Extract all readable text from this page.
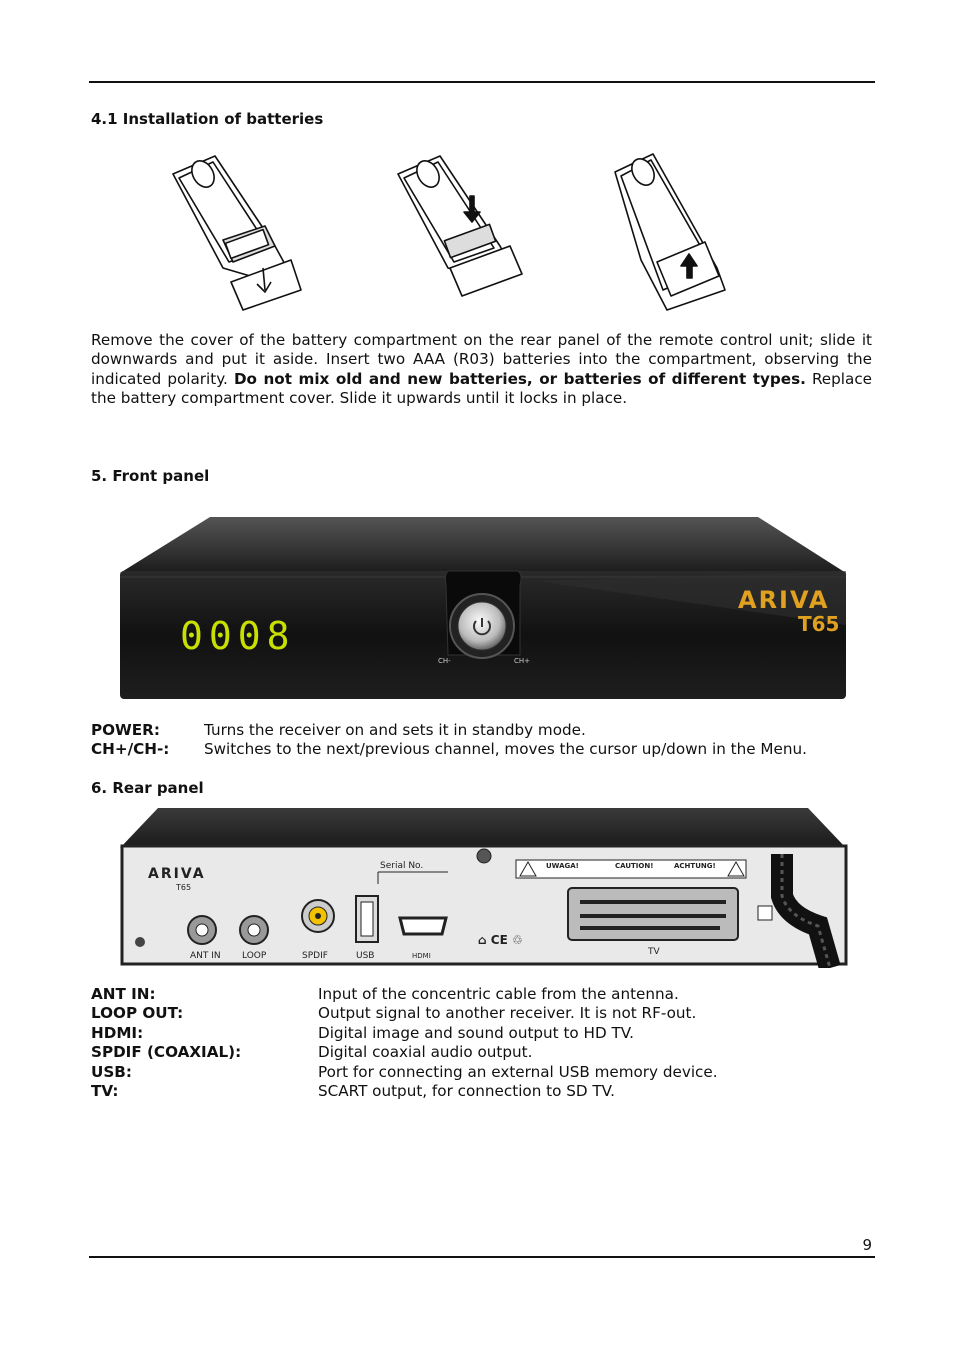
4.1 Installation of batteries
Remove the cover of the battery compartment on the rear panel of the remote control unit; slide it downwards and put it aside. Insert two AAA (R03) batteries into the compartment, observing the indicated polarity. Do not mix old and new batteries, or batteries of different types. Replace the battery compartment cover. Slide it upwards until it locks in place.
5. Front panel
0008
CH-	CH+
ARIVA
T65
POWER:	Turns the receiver on and sets it in standby mode.
CH+/CH-:	Switches to the next/previous channel, moves the cursor up/down in the Menu.
6. Rear panel
ARIVA
T65
Serial No.	UWAGA!	CAUTION!	ACHTUNG!
⌂ CE ♲
ANT IN LOOP	SPDIF	USB	HDMI	TV
ANT IN:	Input of the concentric cable from the antenna.
LOOP OUT:	Output signal to another receiver. It is not RF-out.
HDMI:	Digital image and sound output to HD TV.
SPDIF (COAXIAL):	Digital coaxial audio output.
USB:	Port for connecting an external USB memory device.
TV:	SCART output, for connection to SD TV.
9
